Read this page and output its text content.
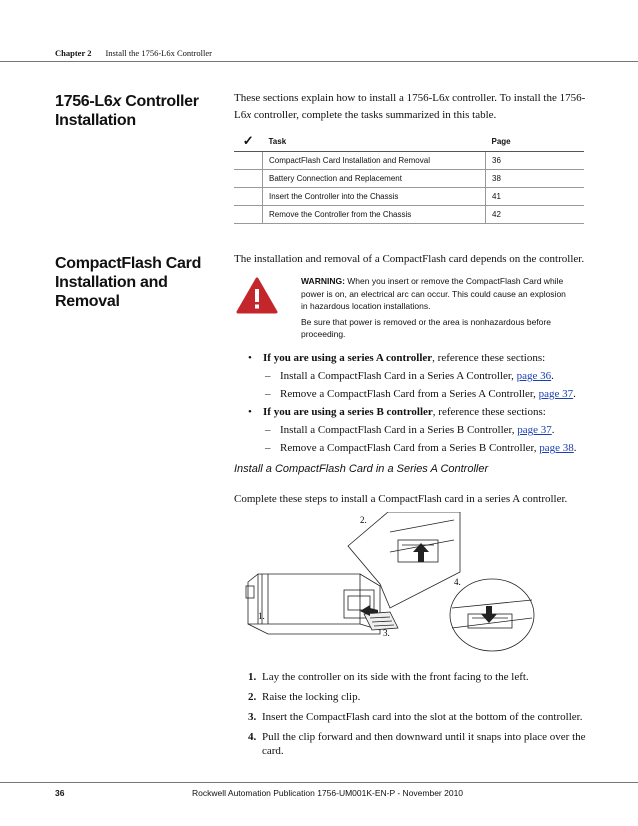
Chapter 2 Install the 1756-L6x Controller
1756-L6x Controller
Installation
These sections explain how to install a 1756-L6x controller. To install the 1756-L6x controller, complete the tasks summarized in this table.
✓	Task	Page
	CompactFlash Card Installation and Removal	36
	Battery Connection and Replacement	38
	Insert the Controller into the Chassis	41
	Remove the Controller from the Chassis	42
CompactFlash Card
Installation and Removal
The installation and removal of a CompactFlash card depends on the controller.

WARNING: When you insert or remove the CompactFlash Card while power is on, an electrical arc can occur. This could cause an explosion in hazardous location installations.

Be sure that power is removed or the area is nonhazardous before proceeding.

• If you are using a series A controller, reference these sections:
– Install a CompactFlash Card in a Series A Controller, page 36.
– Remove a CompactFlash Card from a Series A Controller, page 37.
• If you are using a series B controller, reference these sections:
– Install a CompactFlash Card in a Series B Controller, page 37.
– Remove a CompactFlash Card from a Series B Controller, page 38.
Install a CompactFlash Card in a Series A Controller
Complete these steps to install a CompactFlash card in a series A controller.
2.
4.
1.
3.
1. Lay the controller on its side with the front facing to the left.
2. Raise the locking clip.
3. Insert the CompactFlash card into the slot at the bottom of the controller.
4. Pull the clip forward and then downward until it snaps into place over the card.
36	Rockwell Automation Publication 1756-UM001K-EN-P - November 2010
